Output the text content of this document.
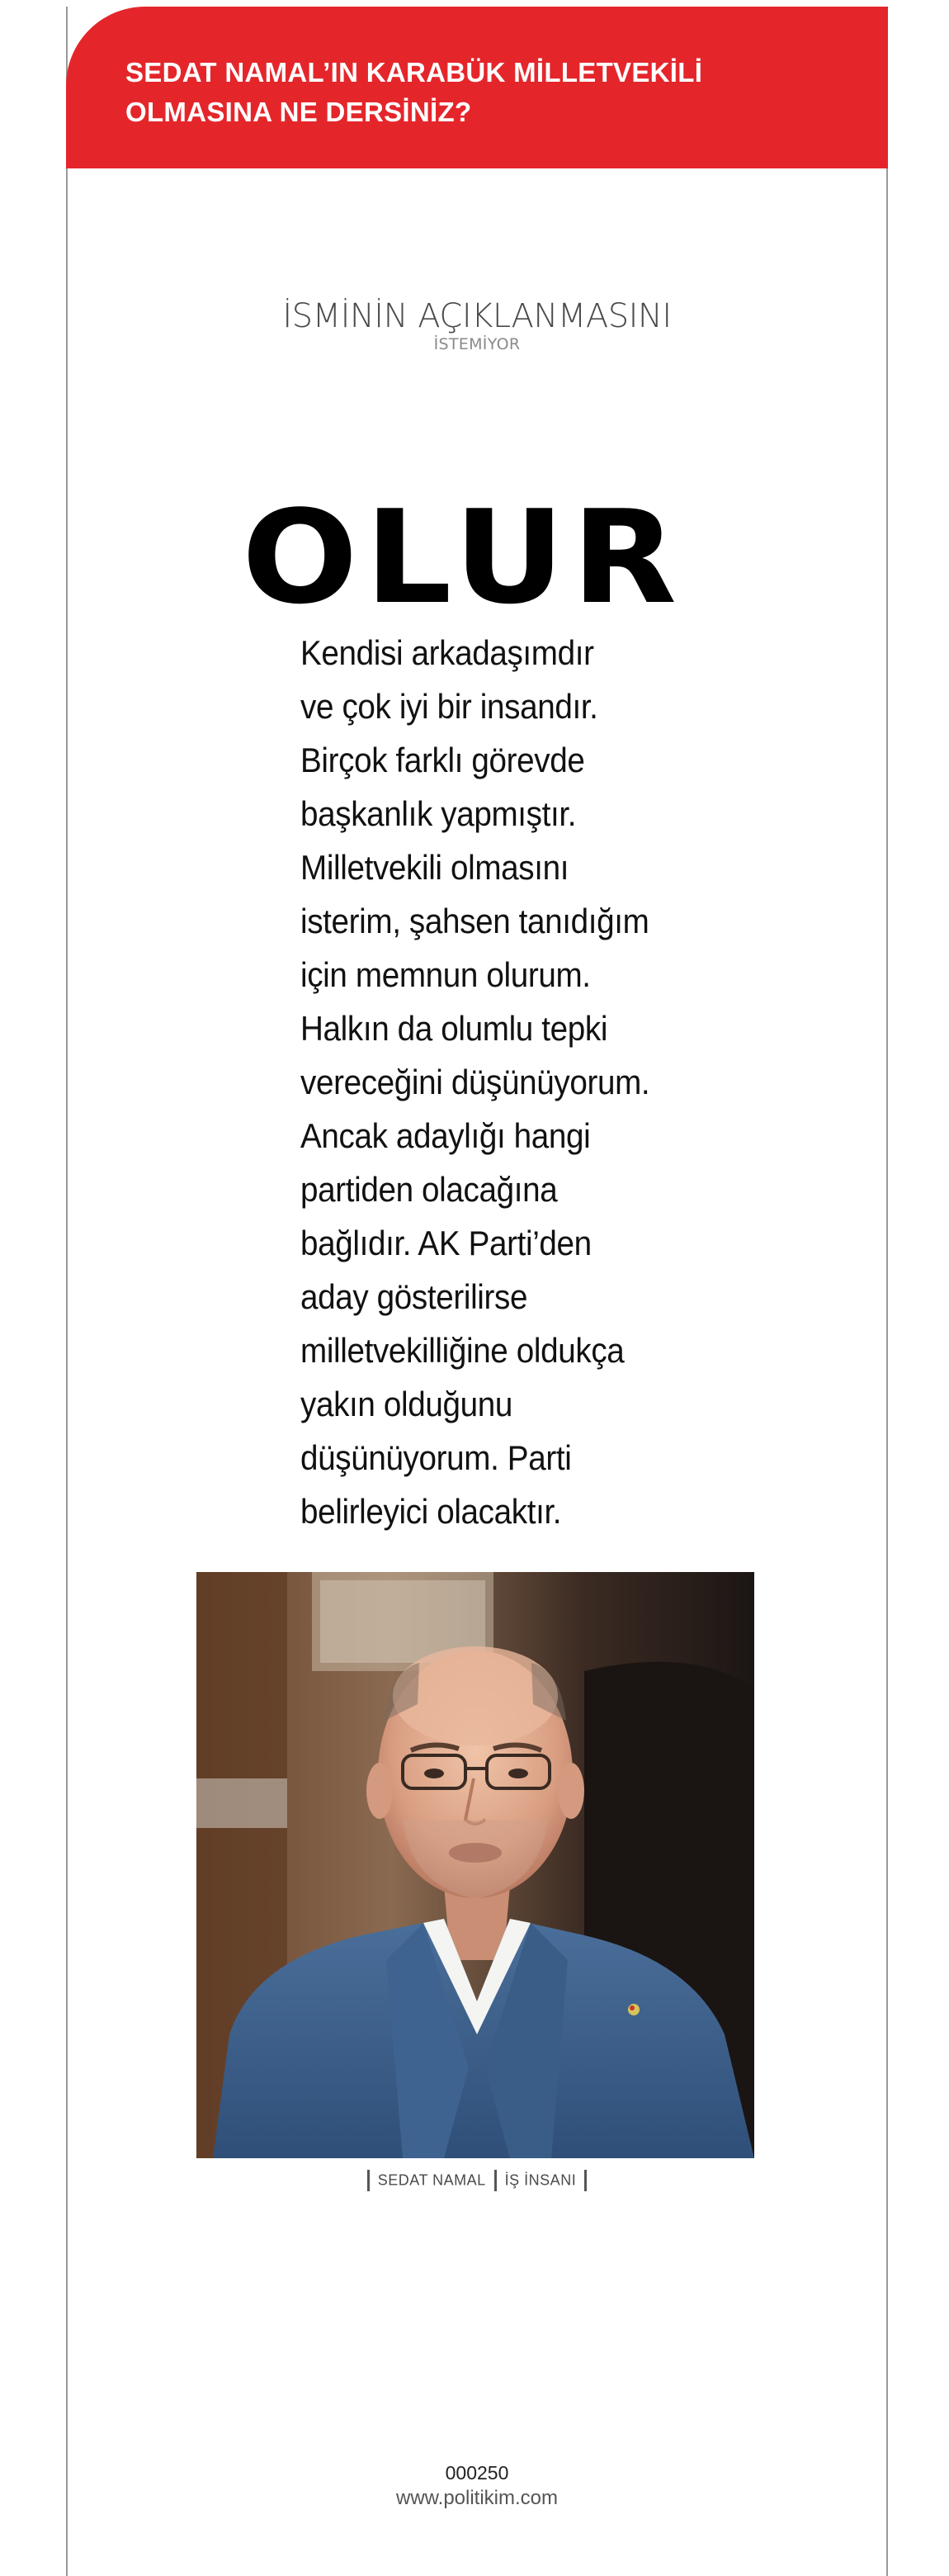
SEDAT NAMAL’IN KARABÜK MİLLETVEKİLİ OLMASINA NE DERSİNİZ?
İSMİNİN AÇIKLANMASINI
İSTEMİYOR
OLUR
Kendisi arkadaşımdır
ve çok iyi bir insandır.
Birçok farklı görevde
başkanlık yapmıştır.
Milletvekili olmasını
isterim, şahsen tanıdığım
için memnun olurum.
Halkın da olumlu tepki
vereceğini düşünüyorum.
Ancak adaylığı hangi
partiden olacağına
bağlıdır. AK Parti’den
aday gösterilirse
milletvekilliğine oldukça
yakın olduğunu
düşünüyorum. Parti
belirleyici olacaktır.
SEDAT NAMAL İŞ İNSANI
000250
www.politikim.com
